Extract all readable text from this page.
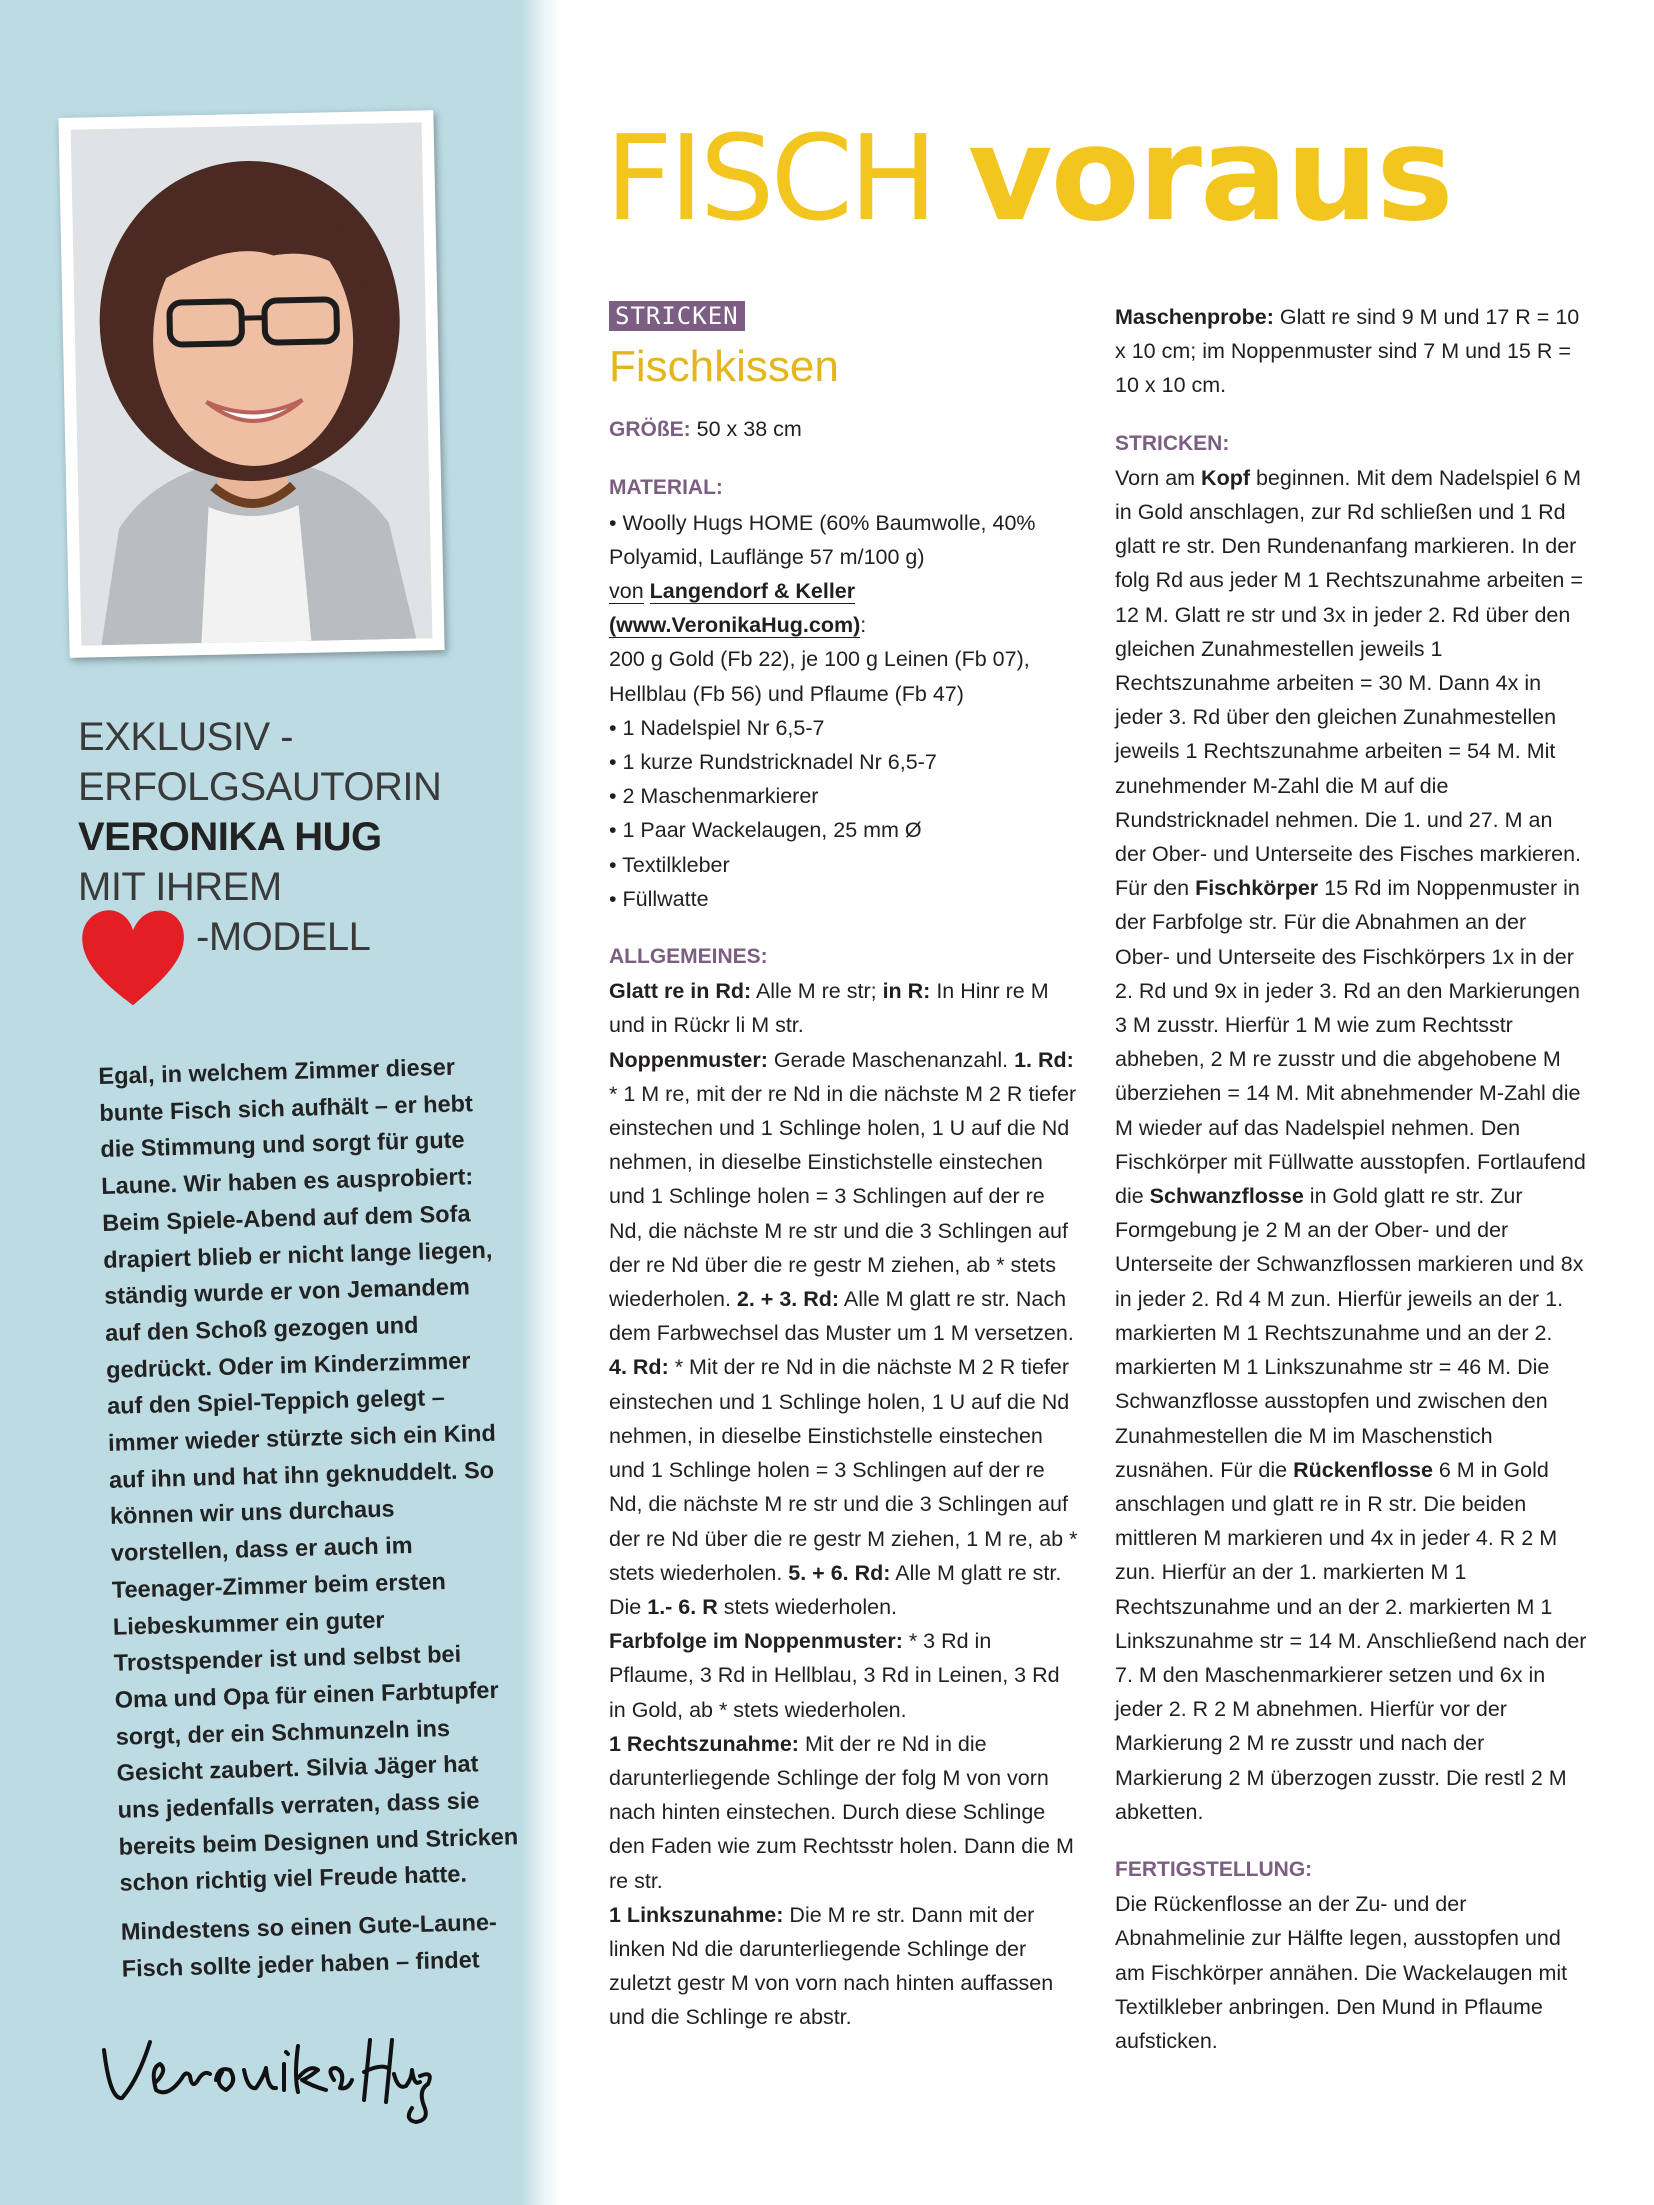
EXKLUSIV -
ERFOLGSAUTORIN
VERONIKA HUG
MIT IHREM
-MODELL

Egal, in welchem Zimmer dieser bunte Fisch sich aufhält – er hebt die Stimmung und sorgt für gute Laune. Wir haben es ausprobiert: Beim Spiele-Abend auf dem Sofa drapiert blieb er nicht lange liegen, ständig wurde er von Jemandem auf den Schoß gezogen und gedrückt. Oder im Kinderzimmer auf den Spiel-Teppich gelegt – immer wieder stürzte sich ein Kind auf ihn und hat ihn geknuddelt. So können wir uns durchaus vorstellen, dass er auch im Teenager-Zimmer beim ersten Liebeskummer ein guter Trostspender ist und selbst bei Oma und Opa für einen Farbtupfer sorgt, der ein Schmunzeln ins Gesicht zaubert. Silvia Jäger hat uns jedenfalls verraten, dass sie bereits beim Designen und Stricken schon richtig viel Freude hatte.

Mindestens so einen Gute-Laune-Fisch sollte jeder haben – findet

FISCH voraus
STRICKEN
Fischkissen

GRÖßE: 50 x 38 cm

MATERIAL:

• Woolly Hugs HOME (60% Baumwolle, 40% Polyamid, Lauflänge 57 m/100 g)

von Langendorf & Keller

(www.VeronikaHug.com):

200 g Gold (Fb 22), je 100 g Leinen (Fb 07), Hellblau (Fb 56) und Pflaume (Fb 47)

• 1 Nadelspiel Nr 6,5-7

• 1 kurze Rundstricknadel Nr 6,5-7

• 2 Maschenmarkierer

• 1 Paar Wackelaugen, 25 mm Ø

• Textilkleber

• Füllwatte

ALLGEMEINES:

Glatt re in Rd: Alle M re str; in R: In Hinr re M und in Rückr li M str.

Noppenmuster: Gerade Maschenanzahl. 1. Rd: * 1 M re, mit der re Nd in die nächste M 2 R tiefer einstechen und 1 Schlinge holen, 1 U auf die Nd nehmen, in dieselbe Einstichstelle einstechen und 1 Schlinge holen = 3 Schlingen auf der re Nd, die nächste M re str und die 3 Schlingen auf der re Nd über die re gestr M ziehen, ab * stets wiederholen. 2. + 3. Rd: Alle M glatt re str. Nach dem Farbwechsel das Muster um 1 M versetzen. 4. Rd: * Mit der re Nd in die nächste M 2 R tiefer einstechen und 1 Schlinge holen, 1 U auf die Nd nehmen, in dieselbe Einstichstelle einstechen und 1 Schlinge holen = 3 Schlingen auf der re Nd, die nächste M re str und die 3 Schlingen auf der re Nd über die re gestr M ziehen, 1 M re, ab * stets wiederholen. 5. + 6. Rd: Alle M glatt re str. Die 1.- 6. R stets wiederholen.

Farbfolge im Noppenmuster: * 3 Rd in Pflaume, 3 Rd in Hellblau, 3 Rd in Leinen, 3 Rd in Gold, ab * stets wiederholen.

1 Rechtszunahme: Mit der re Nd in die darunterliegende Schlinge der folg M von vorn nach hinten einstechen. Durch diese Schlinge den Faden wie zum Rechtsstr holen. Dann die M re str.

1 Linkszunahme: Die M re str. Dann mit der linken Nd die darunterliegende Schlinge der zuletzt gestr M von vorn nach hinten auffassen und die Schlinge re abstr.

Maschenprobe: Glatt re sind 9 M und 17 R = 10 x 10 cm; im Noppenmuster sind 7 M und 15 R = 10 x 10 cm.

STRICKEN:

Vorn am Kopf beginnen. Mit dem Nadelspiel 6 M in Gold anschlagen, zur Rd schließen und 1 Rd glatt re str. Den Rundenanfang markieren. In der folg Rd aus jeder M 1 Rechtszunahme arbeiten = 12 M. Glatt re str und 3x in jeder 2. Rd über den gleichen Zunahmestellen jeweils 1 Rechtszunahme arbeiten = 30 M. Dann 4x in jeder 3. Rd über den gleichen Zunahmestellen jeweils 1 Rechtszunahme arbeiten = 54 M. Mit zunehmender M-Zahl die M auf die Rundstricknadel nehmen. Die 1. und 27. M an der Ober- und Unterseite des Fisches markieren. Für den Fischkörper 15 Rd im Noppenmuster in der Farbfolge str. Für die Abnahmen an der Ober- und Unterseite des Fischkörpers 1x in der 2. Rd und 9x in jeder 3. Rd an den Markierungen 3 M zusstr. Hierfür 1 M wie zum Rechtsstr abheben, 2 M re zusstr und die abgehobene M überziehen = 14 M. Mit abnehmender M-Zahl die M wieder auf das Nadelspiel nehmen. Den Fischkörper mit Füllwatte ausstopfen. Fortlaufend die Schwanzflosse in Gold glatt re str. Zur Formgebung je 2 M an der Ober- und der Unterseite der Schwanzflossen markieren und 8x in jeder 2. Rd 4 M zun. Hierfür jeweils an der 1. markierten M 1 Rechtszunahme und an der 2. markierten M 1 Linkszunahme str = 46 M. Die Schwanzflosse ausstopfen und zwischen den Zunahmestellen die M im Maschenstich zusnähen. Für die Rückenflosse 6 M in Gold anschlagen und glatt re in R str. Die beiden mittleren M markieren und 4x in jeder 4. R 2 M zun. Hierfür an der 1. markierten M 1 Rechtszunahme und an der 2. markierten M 1 Linkszunahme str = 14 M. Anschließend nach der 7. M den Maschenmarkierer setzen und 6x in jeder 2. R 2 M abnehmen. Hierfür vor der Markierung 2 M re zusstr und nach der Markierung 2 M überzogen zusstr. Die restl 2 M abketten.

FERTIGSTELLUNG:

Die Rückenflosse an der Zu- und der Abnahmelinie zur Hälfte legen, ausstopfen und am Fischkörper annähen. Die Wackelaugen mit Textilkleber anbringen. Den Mund in Pflaume aufsticken.
